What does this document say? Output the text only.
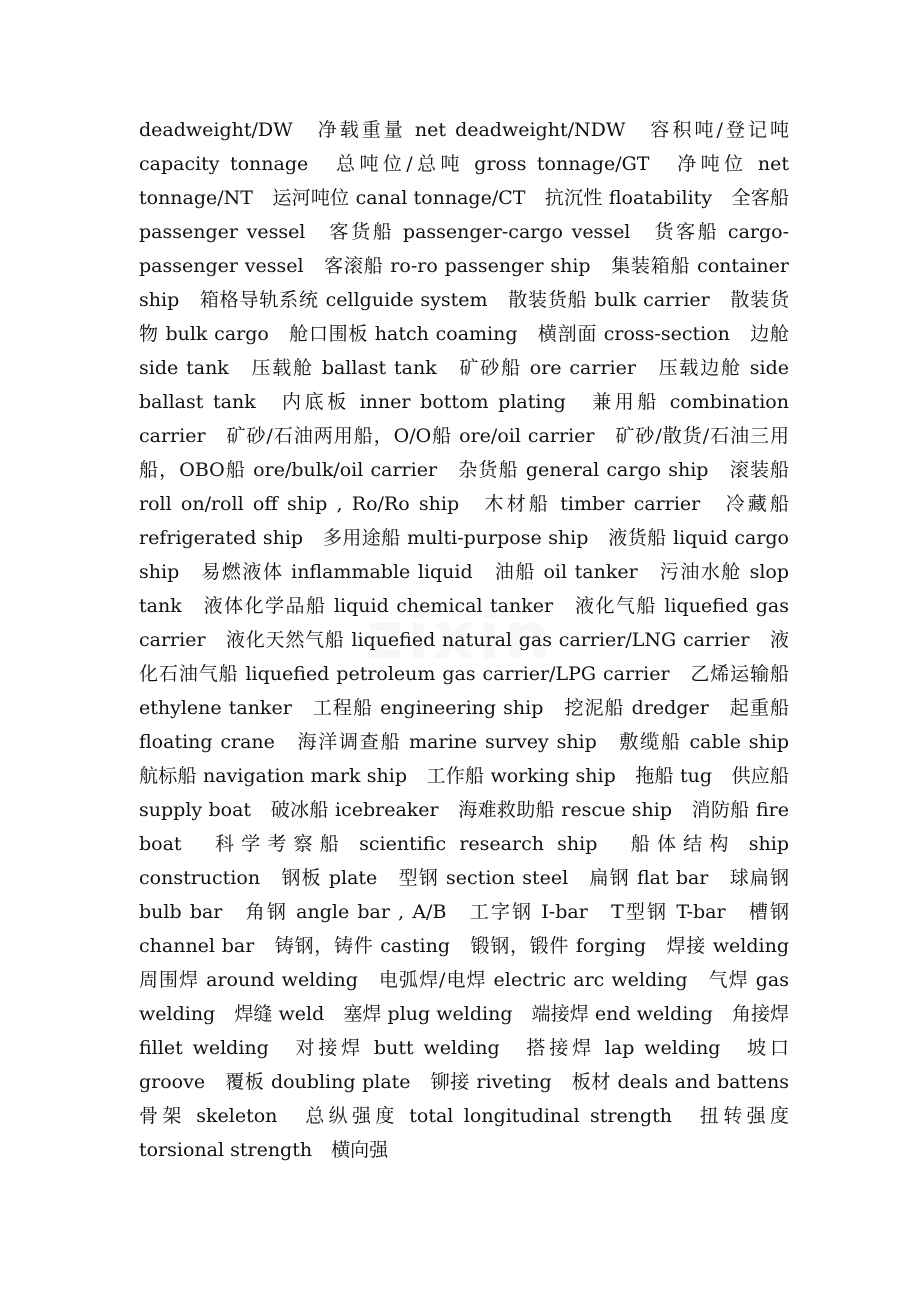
zixin

deadweight/DW　净载重量 net deadweight/NDW　容积吨/登记吨 capacity tonnage　总吨位/总吨 gross tonnage/GT　净吨位 net tonnage/NT　运河吨位 canal tonnage/CT　抗沉性 floatability　全客船 passenger vessel　客货船 passenger-cargo vessel　货客船 cargo-passenger vessel　客滚船 ro-ro passenger ship　集装箱船 container ship　箱格导轨系统 cellguide system　散装货船 bulk carrier　散装货物 bulk cargo　舱口围板 hatch coaming　横剖面 cross-section　边舱 side tank　压载舱 ballast tank　矿砂船 ore carrier　压载边舱 side ballast tank　内底板 inner bottom plating　兼用船 combination carrier　矿砂/石油两用船，O/O船 ore/oil carrier　矿砂/散货/石油三用船，OBO船 ore/bulk/oil carrier　杂货船 general cargo ship　滚装船 roll on/roll off ship , Ro/Ro ship　木材船 timber carrier　冷藏船 refrigerated ship　多用途船 multi-purpose ship　液货船 liquid cargo ship　易燃液体 inflammable liquid　油船 oil tanker　污油水舱 slop tank　液体化学品船 liquid chemical tanker　液化气船 liquefied gas carrier　液化天然气船 liquefied natural gas carrier/LNG carrier　液化石油气船 liquefied petroleum gas carrier/LPG carrier　乙烯运输船 ethylene tanker　工程船 engineering ship　挖泥船 dredger　起重船 floating crane　海洋调查船 marine survey ship　敷缆船 cable ship　航标船 navigation mark ship　工作船 working ship　拖船 tug　供应船 supply boat　破冰船 icebreaker　海难救助船 rescue ship　消防船 fire boat　科学考察船 scientific research ship　船体结构 ship construction　钢板 plate　型钢 section steel　扁钢 flat bar　球扁钢 bulb bar　角钢 angle bar , A/B　工字钢 I-bar　T型钢 T-bar　槽钢 channel bar　铸钢，铸件 casting　锻钢，锻件 forging　焊接 welding　周围焊 around welding　电弧焊/电焊 electric arc welding　气焊 gas welding　焊缝 weld　塞焊 plug welding　端接焊 end welding　角接焊 fillet welding　对接焊 butt welding　搭接焊 lap welding　坡口 groove　覆板 doubling plate　铆接 riveting　板材 deals and battens　骨架 skeleton　总纵强度 total longitudinal strength　扭转强度 torsional strength　横向强
